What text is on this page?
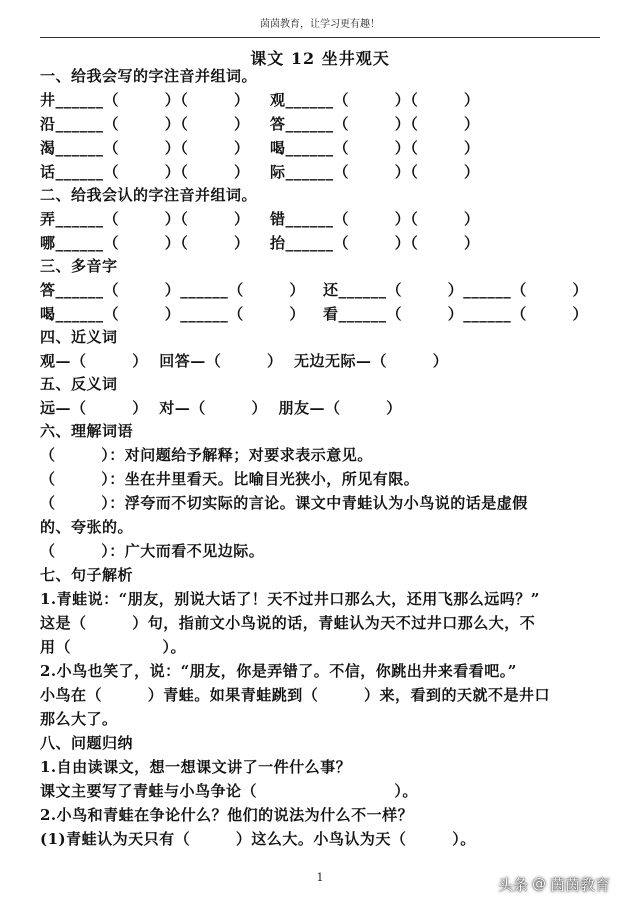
茵茵教育，让学习更有趣！
课文 12 坐井观天
一、给我会写的字注音并组词。

井______（        ）（        ）

观______（        ）（        ）

沿______（        ）（        ）

答______（        ）（        ）

渴______（        ）（        ）

喝______（        ）（        ）

话______（        ）（        ）

际______（        ）（        ）

二、给我会认的字注音并组词。

弄______（        ）（        ）

错______（        ）（        ）

哪______（        ）（        ）

抬______（        ）（        ）

三、多音字

答______（        ）______（        ）

还______（        ）______（        ）

喝______（        ）______（        ）

看______（        ）______（        ）

四、近义词
观—（        ）  回答—（        ）  无边无际—（        ）
五、反义词
远—（        ）  对—（        ）  朋友—（        ）
六、理解词语
（        ）：对问题给予解释；对要求表示意见。
（        ）：坐在井里看天。比喻目光狭小，所见有限。
（        ）：浮夸而不切实际的言论。课文中青蛙认为小鸟说的话是虚假
的、夸张的。
（        ）：广大而看不见边际。
七、句子解析
1.青蛙说：“朋友，别说大话了！天不过井口那么大，还用飞那么远吗？”
这是（        ）句，指前文小鸟说的话，青蛙认为天不过井口那么大，不
用（                ）。
2.小鸟也笑了，说：“朋友，你是弄错了。不信，你跳出井来看看吧。”
小鸟在（        ）青蛙。如果青蛙跳到（        ）来，看到的天就不是井口
那么大了。
八、问题归纳
1.自由读课文，想一想课文讲了一件什么事？
课文主要写了青蛙与小鸟争论（                        ）。
2.小鸟和青蛙在争论什么？他们的说法为什么不一样？
(1)青蛙认为天只有（        ）这么大。小鸟认为天（        ）。
1	头条 @ 茵茵教育
